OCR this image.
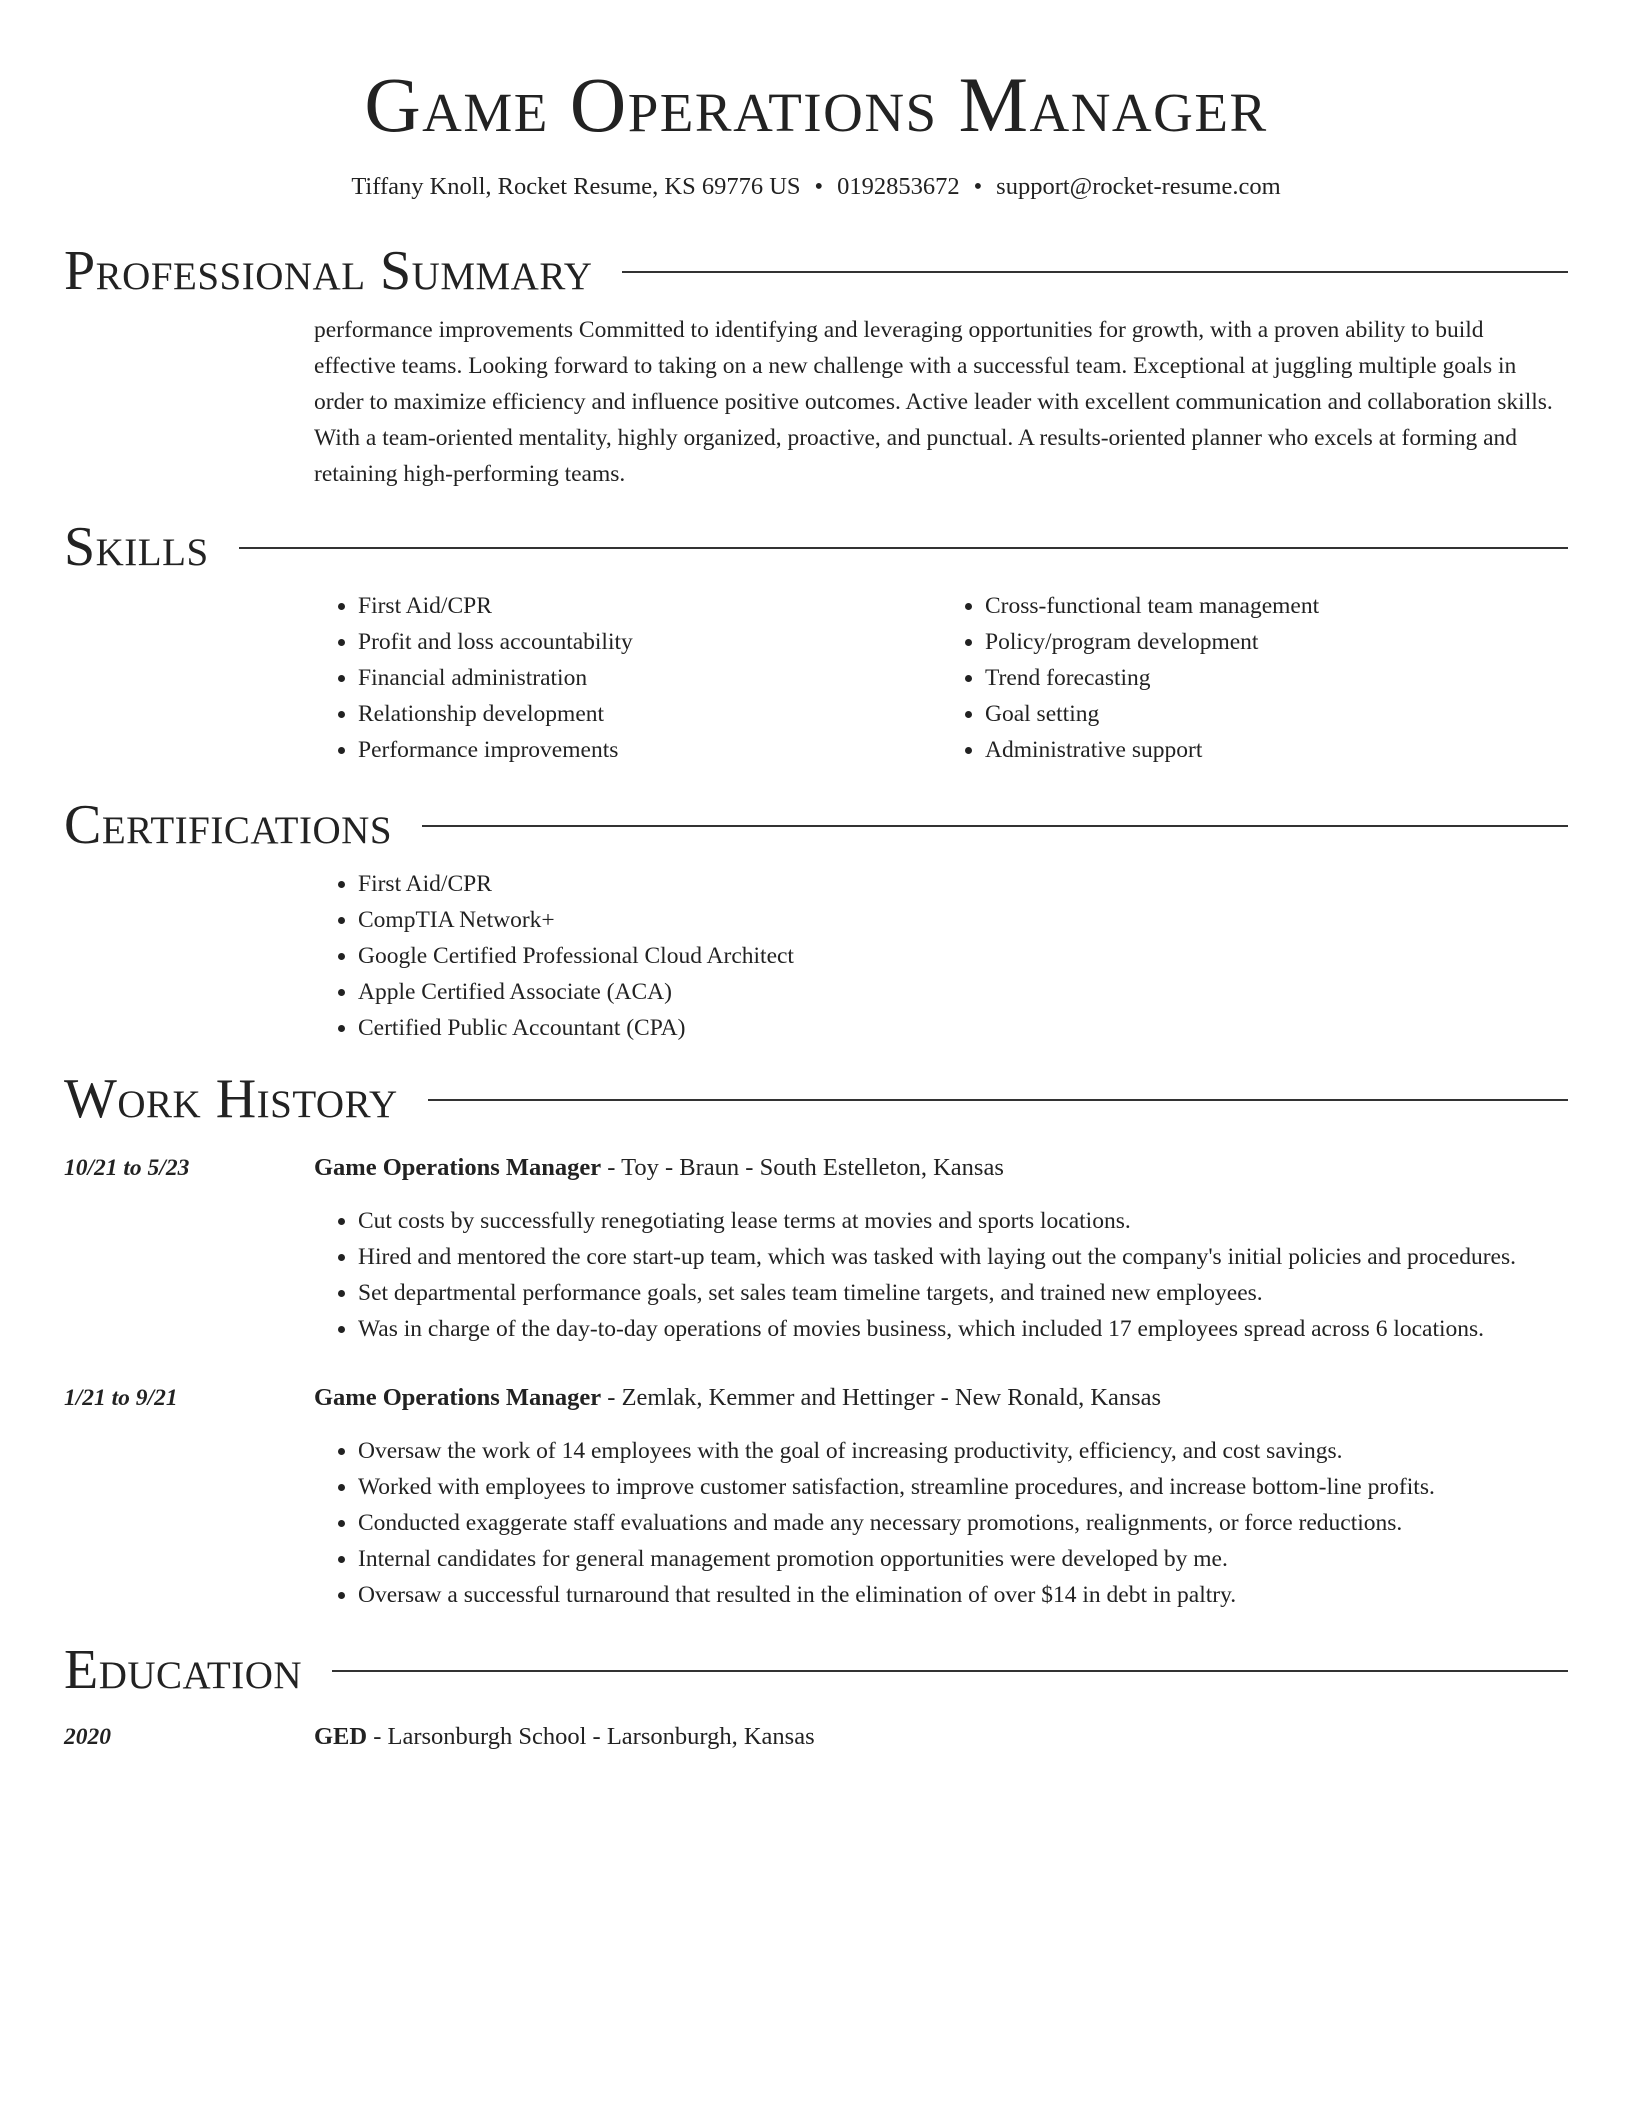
Game Operations Manager
Tiffany Knoll, Rocket Resume, KS 69776 US • 0192853672 • support@rocket-resume.com
Professional Summary
performance improvements Committed to identifying and leveraging opportunities for growth, with a proven ability to build effective teams. Looking forward to taking on a new challenge with a successful team. Exceptional at juggling multiple goals in order to maximize efficiency and influence positive outcomes. Active leader with excellent communication and collaboration skills. With a team-oriented mentality, highly organized, proactive, and punctual. A results-oriented planner who excels at forming and retaining high-performing teams.
Skills
• First Aid/CPR
• Profit and loss accountability
• Financial administration
• Relationship development
• Performance improvements
• Cross-functional team management
• Policy/program development
• Trend forecasting
• Goal setting
• Administrative support
Certifications
• First Aid/CPR
• CompTIA Network+
• Google Certified Professional Cloud Architect
• Apple Certified Associate (ACA)
• Certified Public Accountant (CPA)
Work History
10/21 to 5/23	Game Operations Manager - Toy - Braun - South Estelleton, Kansas
• Cut costs by successfully renegotiating lease terms at movies and sports locations.
• Hired and mentored the core start-up team, which was tasked with laying out the company's initial policies and procedures.
• Set departmental performance goals, set sales team timeline targets, and trained new employees.
• Was in charge of the day-to-day operations of movies business, which included 17 employees spread across 6 locations.
1/21 to 9/21	Game Operations Manager - Zemlak, Kemmer and Hettinger - New Ronald, Kansas
• Oversaw the work of 14 employees with the goal of increasing productivity, efficiency, and cost savings.
• Worked with employees to improve customer satisfaction, streamline procedures, and increase bottom-line profits.
• Conducted exaggerate staff evaluations and made any necessary promotions, realignments, or force reductions.
• Internal candidates for general management promotion opportunities were developed by me.
• Oversaw a successful turnaround that resulted in the elimination of over $14 in debt in paltry.
Education
2020	GED - Larsonburgh School - Larsonburgh, Kansas
